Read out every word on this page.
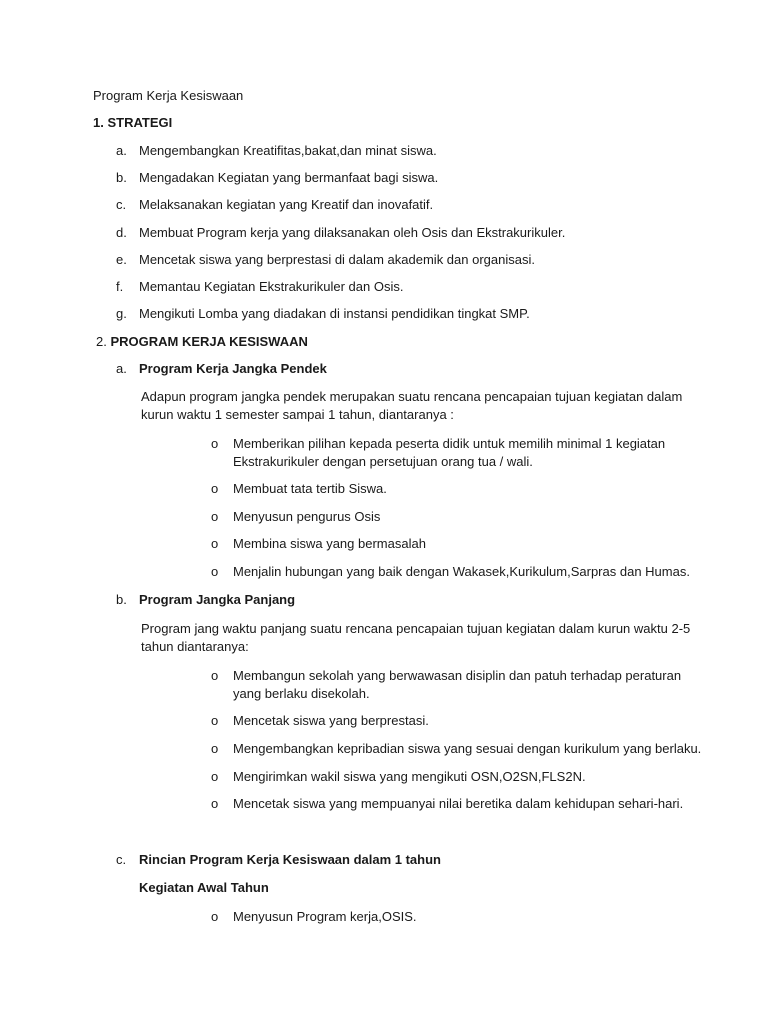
Program Kerja Kesiswaan
1. STRATEGI
a. Mengembangkan Kreatifitas,bakat,dan minat siswa.
b. Mengadakan Kegiatan yang bermanfaat bagi siswa.
c. Melaksanakan kegiatan yang Kreatif dan inovafatif.
d. Membuat Program kerja yang dilaksanakan oleh Osis dan Ekstrakurikuler.
e. Mencetak siswa yang berprestasi di dalam akademik dan organisasi.
f. Memantau Kegiatan Ekstrakurikuler dan Osis.
g. Mengikuti Lomba yang diadakan di instansi pendidikan tingkat SMP.
2. PROGRAM KERJA KESISWAAN
a. Program Kerja Jangka Pendek
Adapun program jangka pendek merupakan suatu rencana pencapaian tujuan kegiatan dalam
kurun waktu 1 semester sampai 1 tahun, diantaranya :
o Memberikan pilihan kepada peserta didik untuk memilih minimal 1 kegiatan
Ekstrakurikuler dengan persetujuan orang tua / wali.
o Membuat tata tertib Siswa.
o Menyusun pengurus Osis
o Membina siswa yang bermasalah
o Menjalin hubungan yang baik dengan Wakasek,Kurikulum,Sarpras dan Humas.
b. Program Jangka Panjang
Program jang waktu panjang suatu rencana pencapaian tujuan kegiatan dalam kurun waktu 2-5
tahun diantaranya:
o Membangun sekolah yang berwawasan disiplin dan patuh terhadap peraturan
yang berlaku disekolah.
o Mencetak siswa yang berprestasi.
o Mengembangkan kepribadian siswa yang sesuai dengan kurikulum yang berlaku.
o Mengirimkan wakil siswa yang mengikuti OSN,O2SN,FLS2N.
o Mencetak siswa yang mempuanyai nilai beretika dalam kehidupan sehari-hari.
c. Rincian Program Kerja Kesiswaan dalam 1 tahun
Kegiatan Awal Tahun
o Menyusun Program kerja,OSIS.
